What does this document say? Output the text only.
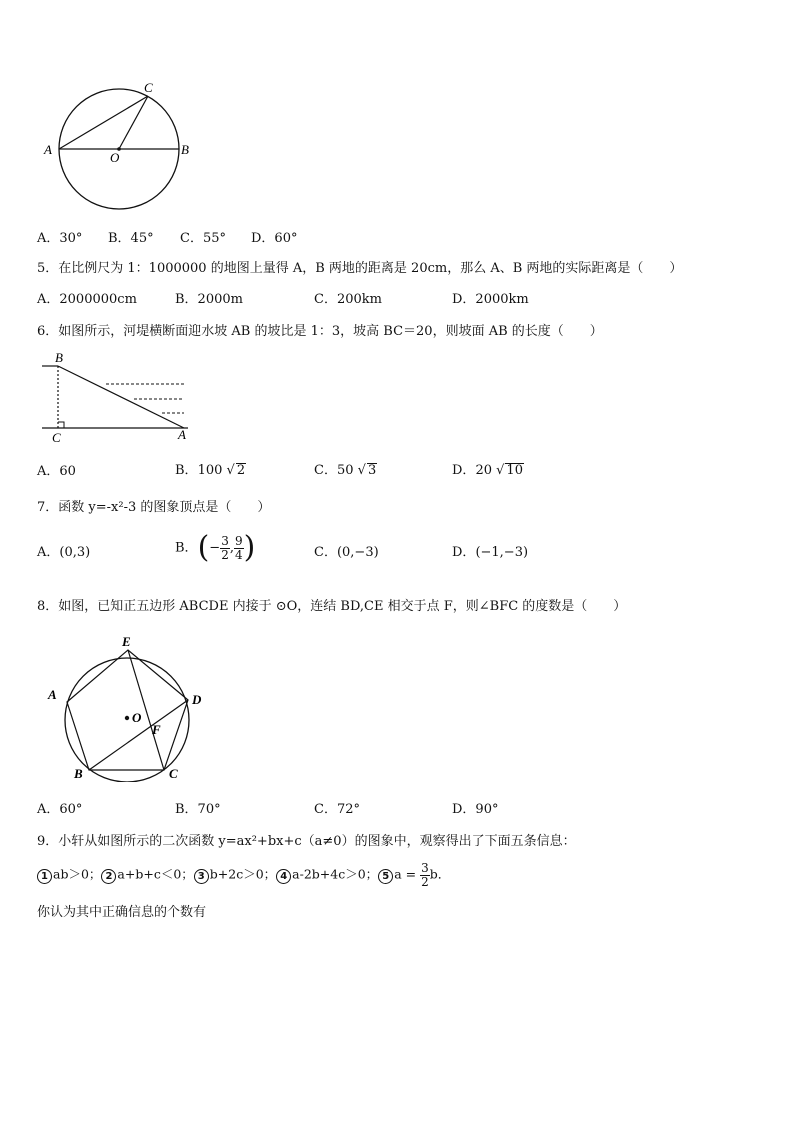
A	B
C
O
A．30° B．45° C．55° D．60°
5．在比例尺为 1：1000000 的地图上量得 A，B 两地的距离是 20cm，那么 A、B 两地的实际距离是（　　）
A．2000000cm	B．2000m	C．200km	D．2000km
6．如图所示，河堤横断面迎水坡 AB 的坡比是 1：3，坡高 BC＝20，则坡面 AB 的长度（　　）
B
C	A
A．60	B．100 √ 2	C．50 √ 3	D．20 √ 10
7．函数 y=-x²-3 的图象顶点是（　　）
A．(0,3)	B．(− $\frac{3}{2}$ , $\frac{9}{4}$ )	C．(0,−3)	D．(−1,−3)
8．如图，已知正五边形 ABCDE 内接于 ⊙O，连结 BD,CE 相交于点 F，则∠BFC 的度数是（　　）
E
A	D
B	C
O
F
A．60°	B．70°	C．72°	D．90°
9．小轩从如图所示的二次函数 y=ax²+bx+c（a≠0）的图象中，观察得出了下面五条信息：
1 ab＞0； 2 a+b+c＜0； 3 b+2c＞0； 4 a-2b+4c＞0； 5 $a = \frac{3}{2}$ b．
你认为其中正确信息的个数有
